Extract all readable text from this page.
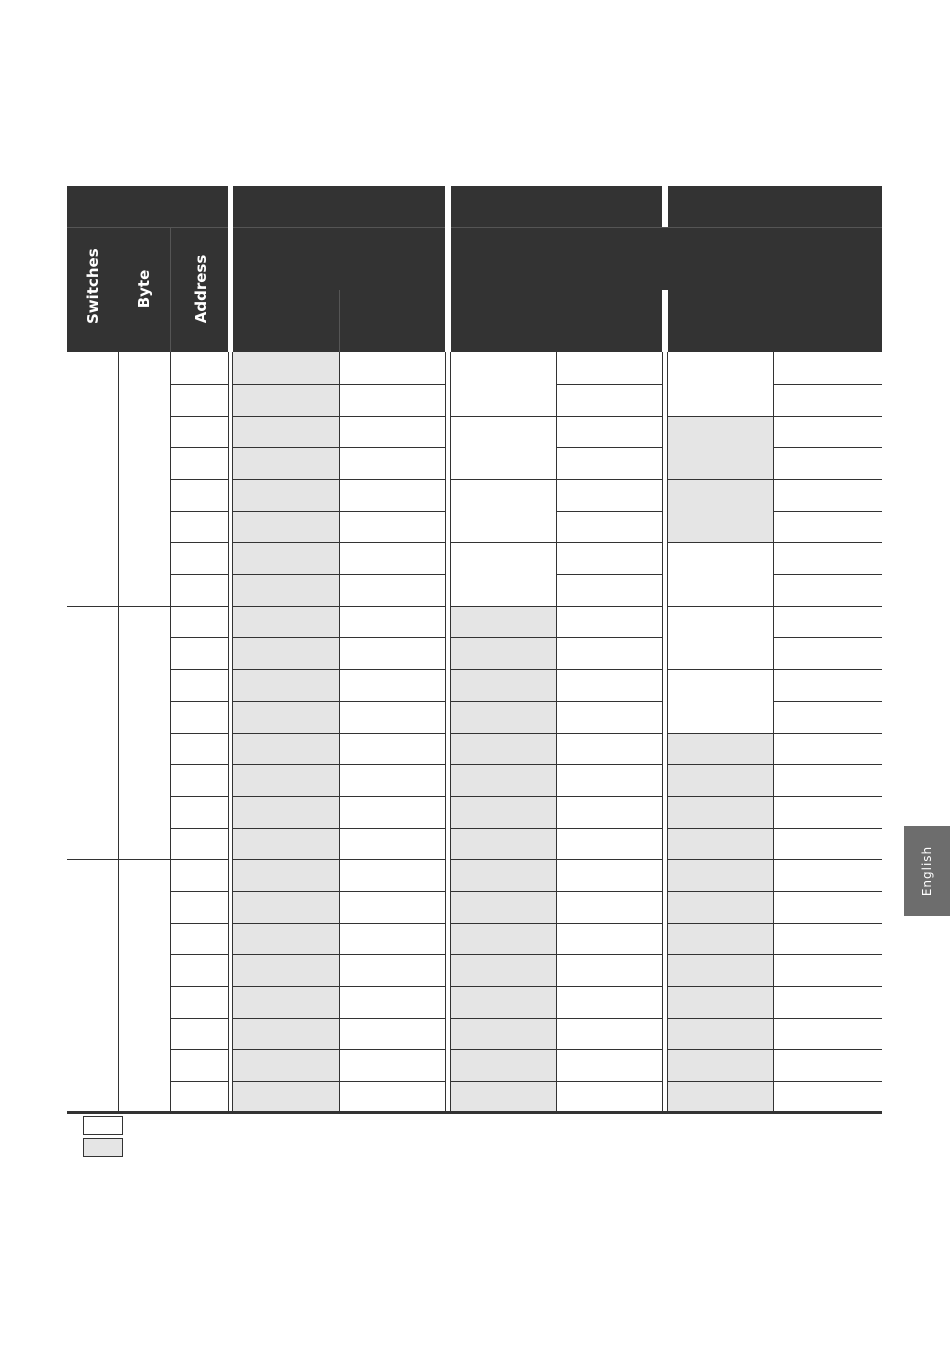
Switches Byte	Address
English
